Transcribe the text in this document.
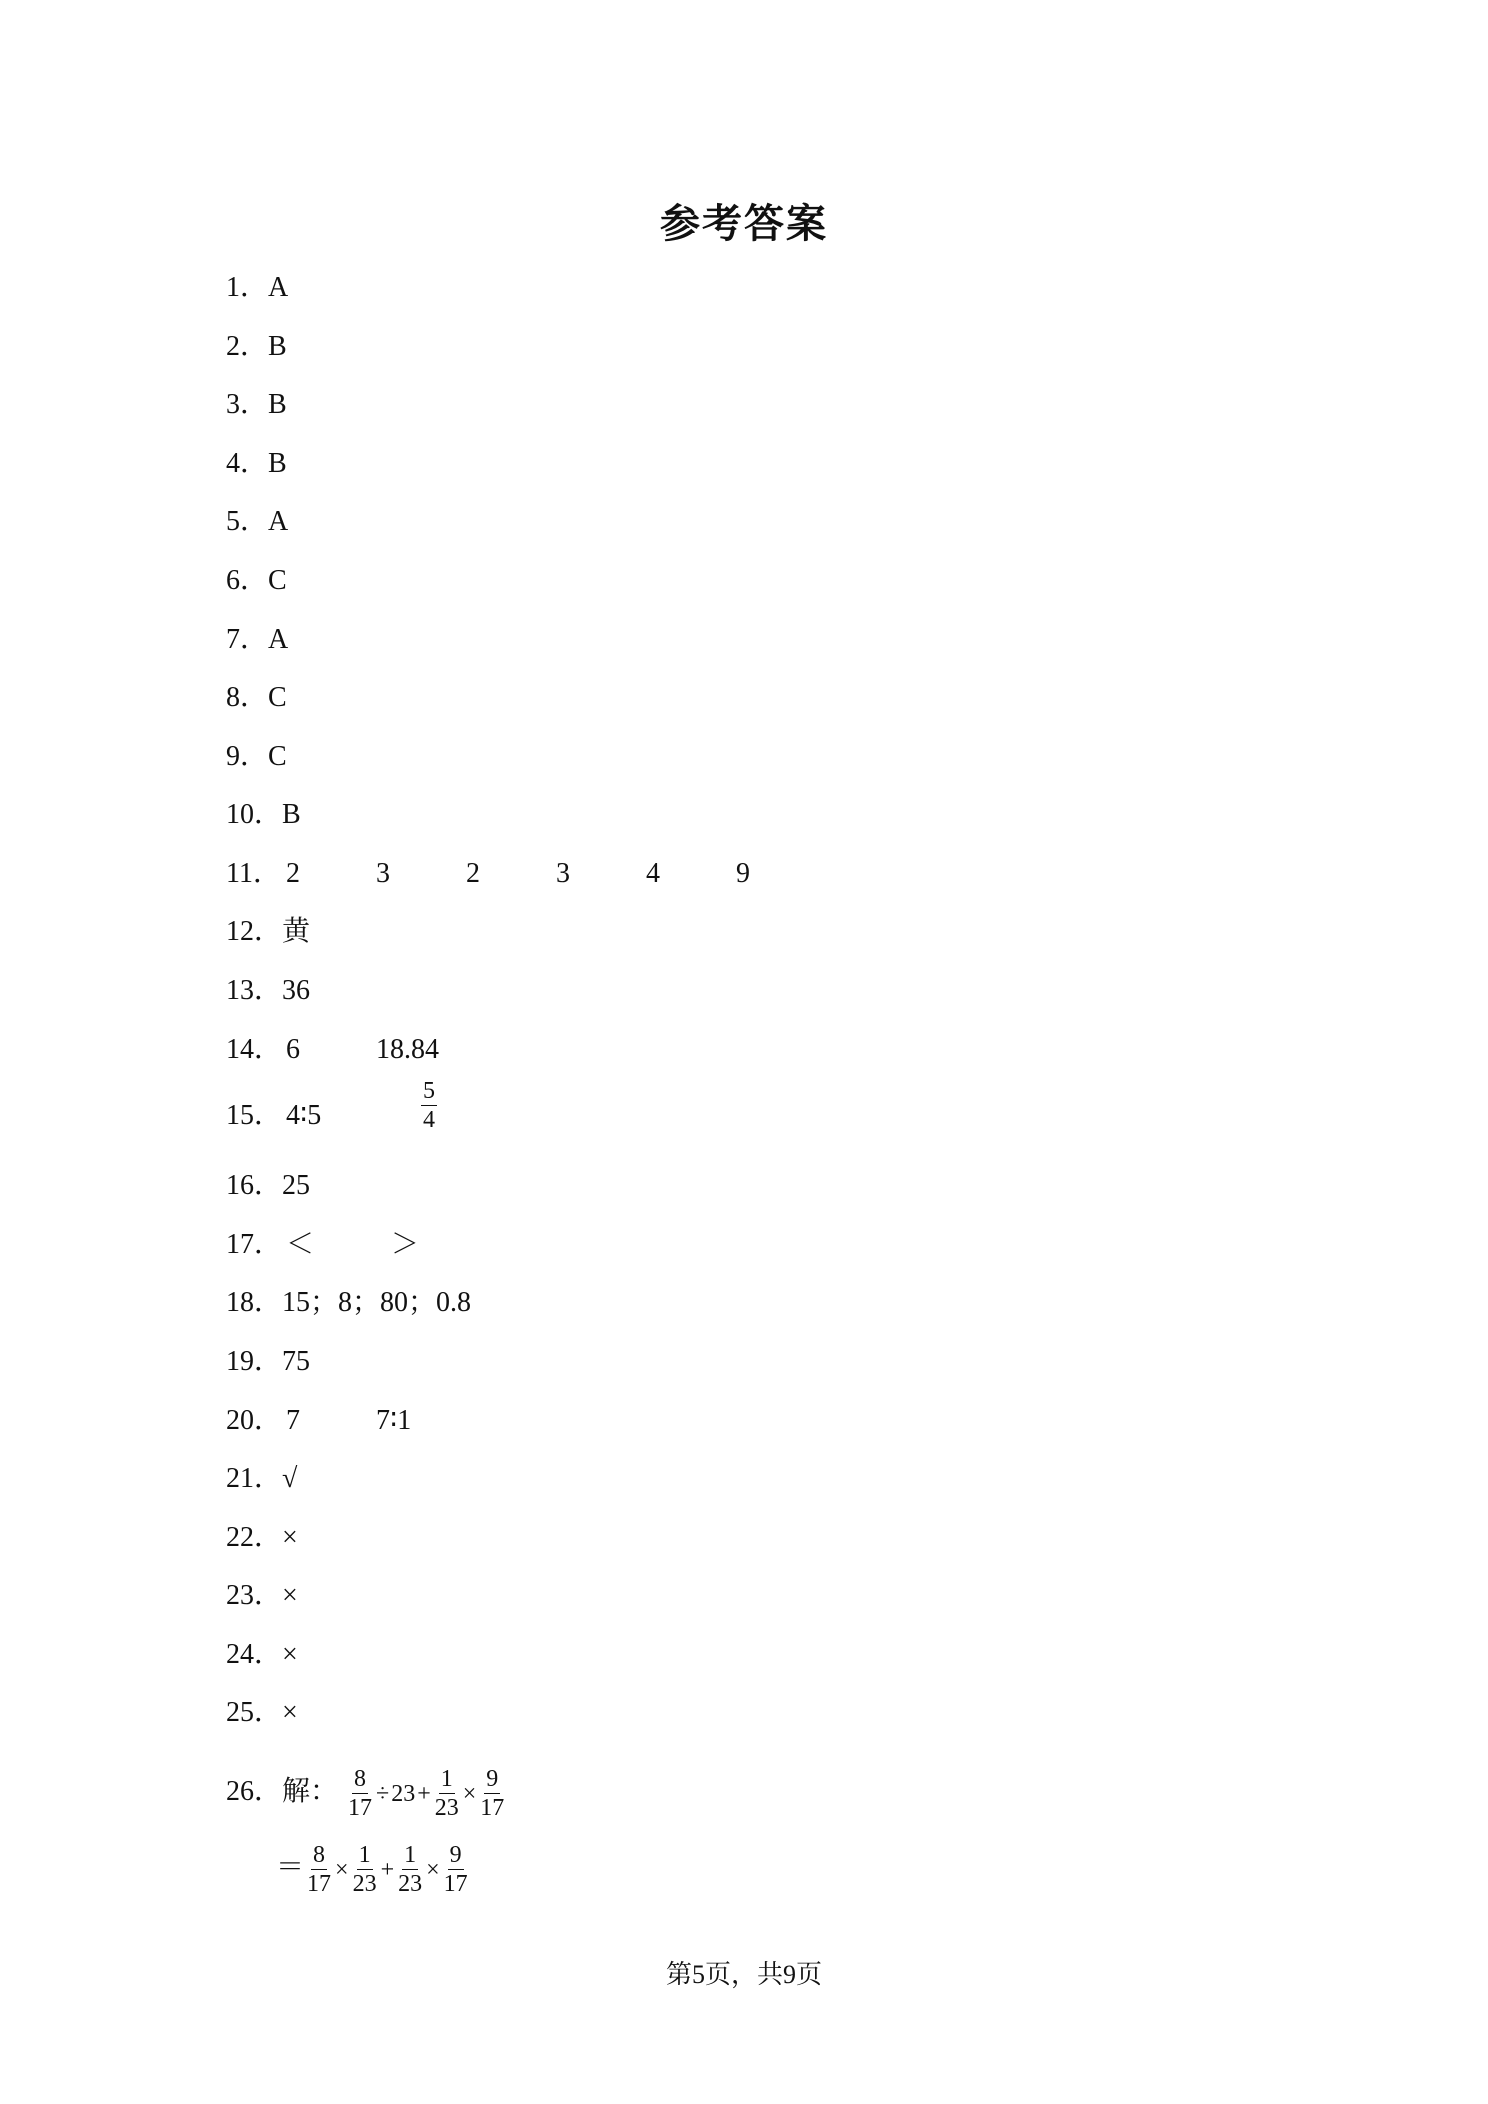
参考答案
1．A
2．B
3．B
4．B
5．A
6．C
7．A
8．C
9．C
10．B
11． 2	3	2	3	4	9
12．黄
13．36
14． 6	18.84
15． 4∶5	$\frac{5}{4}$
16．25
17． ＜	＞
18．15；8；80；0.8
19．75
20． 7	7∶1
21．√
22．×
23．×
24．×
25．×
26．解： $\frac{8}{17} \div 23+ \frac{1}{23} \times \frac{9}{17}$
＝ $\frac{8}{17} \times \frac{1}{23} + \frac{1}{23} \times \frac{9}{17}$
第5页，共9页
